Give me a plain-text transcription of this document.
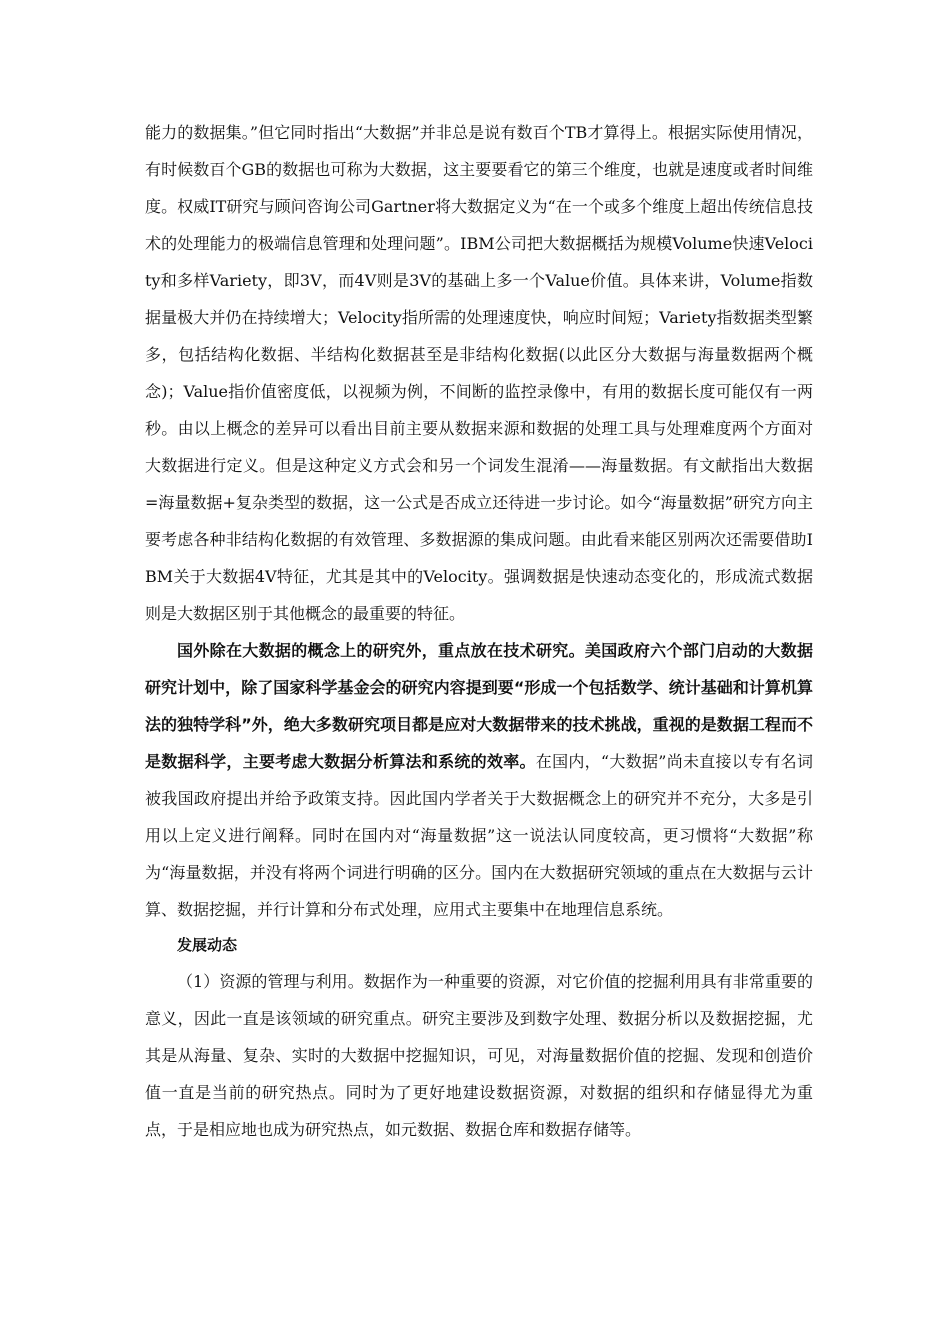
能力的数据集。”但它同时指出“大数据”并非总是说有数百个TB才算得上。根据实际使用情况，有时候数百个GB的数据也可称为大数据，这主要要看它的第三个维度，也就是速度或者时间维度。权威IT研究与顾问咨询公司Gartner将大数据定义为“在一个或多个维度上超出传统信息技术的处理能力的极端信息管理和处理问题”。IBM公司把大数据概括为规模Volume快速Velocity和多样Variety，即3V，而4V则是3V的基础上多一个Value价值。具体来讲，Volume指数据量极大并仍在持续增大；Velocity指所需的处理速度快，响应时间短；Variety指数据类型繁多，包括结构化数据、半结构化数据甚至是非结构化数据(以此区分大数据与海量数据两个概念)；Value指价值密度低，以视频为例，不间断的监控录像中，有用的数据长度可能仅有一两秒。由以上概念的差异可以看出目前主要从数据来源和数据的处理工具与处理难度两个方面对大数据进行定义。但是这种定义方式会和另一个词发生混淆——海量数据。有文献指出大数据=海量数据+复杂类型的数据，这一公式是否成立还待进一步讨论。如今“海量数据”研究方向主要考虑各种非结构化数据的有效管理、多数据源的集成问题。由此看来能区别两次还需要借助IBM关于大数据4V特征，尤其是其中的Velocity。强调数据是快速动态变化的，形成流式数据则是大数据区别于其他概念的最重要的特征。

国外除在大数据的概念上的研究外，重点放在技术研究。美国政府六个部门启动的大数据研究计划中，除了国家科学基金会的研究内容提到要“形成一个包括数学、统计基础和计算机算法的独特学科”外，绝大多数研究项目都是应对大数据带来的技术挑战，重视的是数据工程而不是数据科学，主要考虑大数据分析算法和系统的效率。在国内，“大数据”尚未直接以专有名词被我国政府提出并给予政策支持。因此国内学者关于大数据概念上的研究并不充分，大多是引用以上定义进行阐释。同时在国内对“海量数据”这一说法认同度较高，更习惯将“大数据”称为“海量数据，并没有将两个词进行明确的区分。国内在大数据研究领域的重点在大数据与云计算、数据挖掘，并行计算和分布式处理，应用式主要集中在地理信息系统。

发展动态

（1）资源的管理与利用。数据作为一种重要的资源，对它价值的挖掘利用具有非常重要的意义，因此一直是该领域的研究重点。研究主要涉及到数字处理、数据分析以及数据挖掘，尤其是从海量、复杂、实时的大数据中挖掘知识，可见，对海量数据价值的挖掘、发现和创造价值一直是当前的研究热点。同时为了更好地建设数据资源，对数据的组织和存储显得尤为重点，于是相应地也成为研究热点，如元数据、数据仓库和数据存储等。
